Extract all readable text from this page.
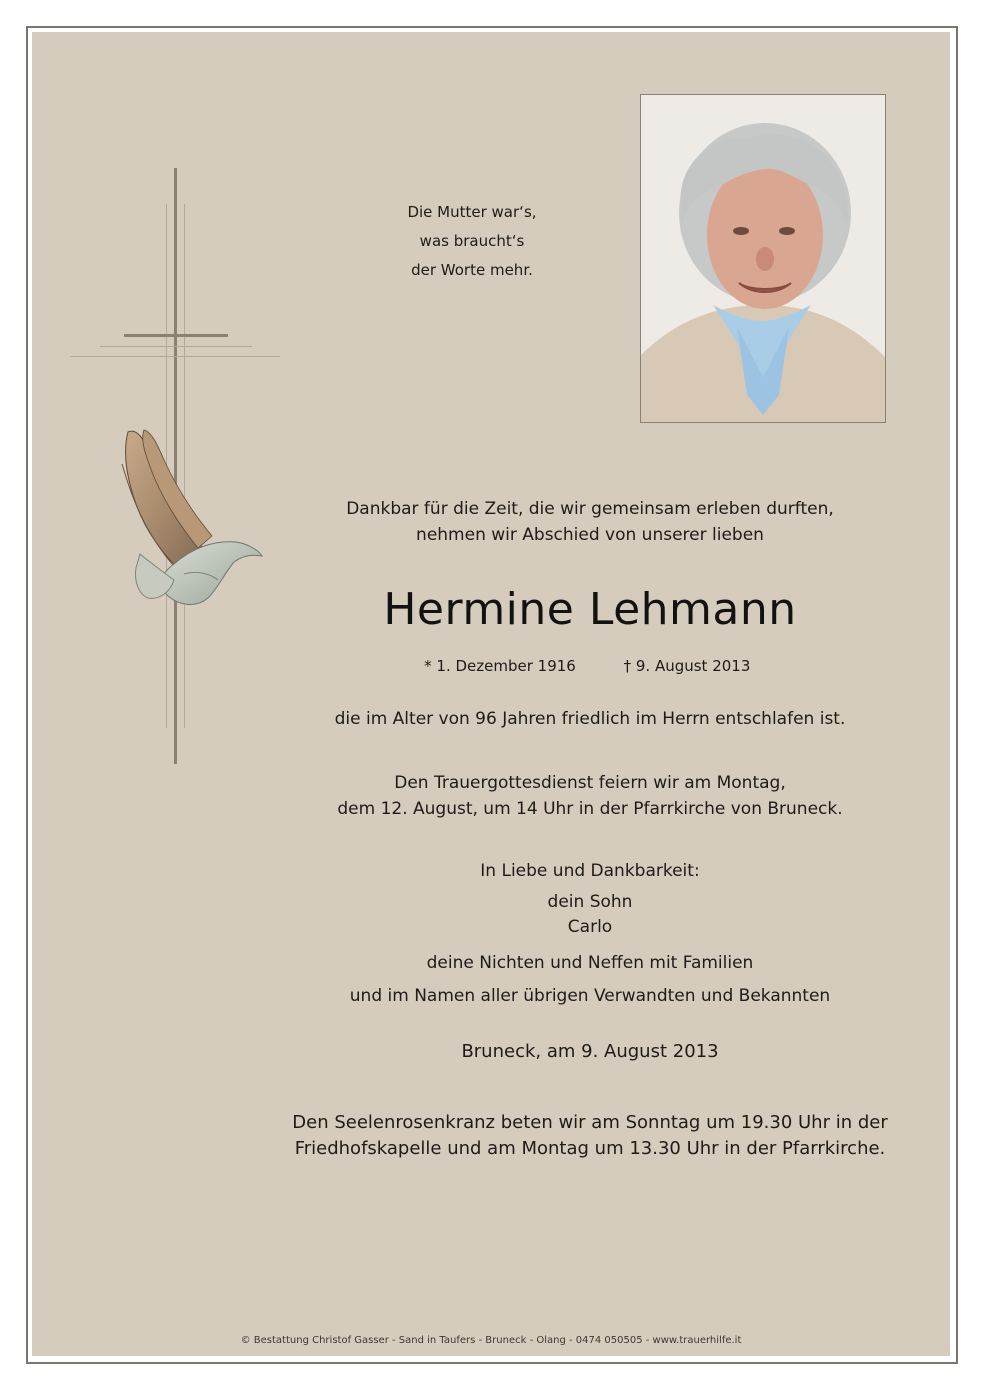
Die Mutter war‘s,
was braucht‘s
der Worte mehr.
Dankbar für die Zeit, die wir gemeinsam erleben durften,
nehmen wir Abschied von unserer lieben
Hermine Lehmann
* 1. Dezember 1916	† 9. August 2013
die im Alter von 96 Jahren friedlich im Herrn entschlafen ist.
Den Trauergottesdienst feiern wir am Montag,
dem 12. August, um 14 Uhr in der Pfarrkirche von Bruneck.
In Liebe und Dankbarkeit:
dein Sohn
Carlo
deine Nichten und Neffen mit Familien
und im Namen aller übrigen Verwandten und Bekannten
Bruneck, am 9. August 2013
Den Seelenrosenkranz beten wir am Sonntag um 19.30 Uhr in der
Friedhofskapelle und am Montag um 13.30 Uhr in der Pfarrkirche.
© Bestattung Christof Gasser - Sand in Taufers - Bruneck - Olang - 0474 050505 - www.trauerhilfe.it
